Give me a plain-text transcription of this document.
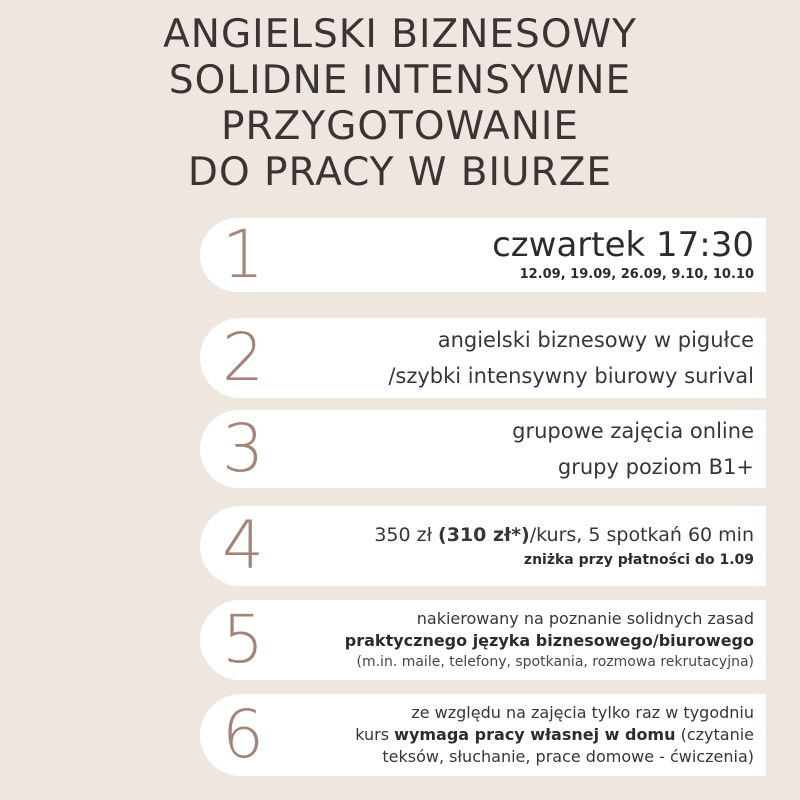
ANGIELSKI BIZNESOWY
SOLIDNE INTENSYWNE
PRZYGOTOWANIE
DO PRACY W BIURZE
1	czwartek 17:30
12.09, 19.09, 26.09, 9.10, 10.10
2	angielski biznesowy w pigułce
/szybki intensywny biurowy surival
3	grupowe zajęcia online
grupy poziom B1+
4	350 zł (310 zł*)/kurs, 5 spotkań 60 min
zniżka przy płatności do 1.09
5	nakierowany na poznanie solidnych zasad
praktycznego języka biznesowego/biurowego
(m.in. maile, telefony, spotkania, rozmowa rekrutacyjna)
6	ze względu na zajęcia tylko raz w tygodniu
kurs wymaga pracy własnej w domu (czytanie
teksów, słuchanie, prace domowe - ćwiczenia)
